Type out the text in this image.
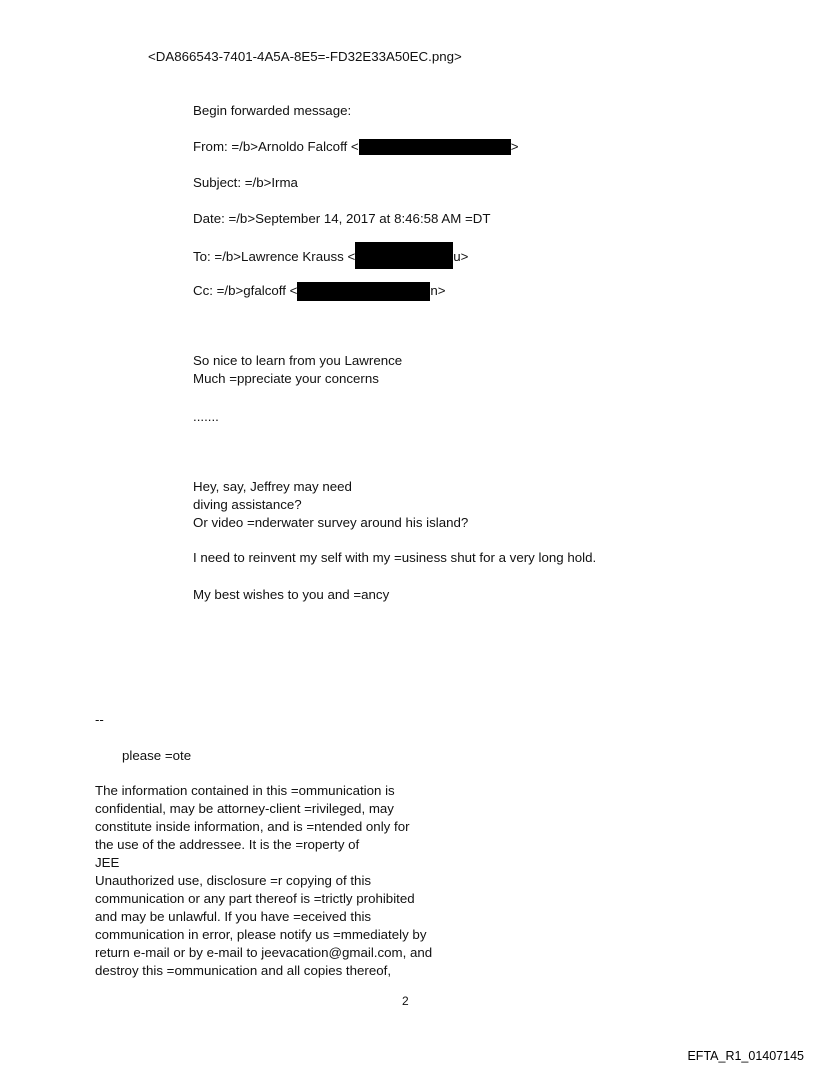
<DA866543-7401-4A5A-8E5=-FD32E33A50EC.png>
Begin forwarded message:
From: =/b>Arnoldo Falcoff <	>
Subject: =/b>Irma
Date: =/b>September 14, 2017 at 8:46:58 AM =DT
To: =/b>Lawrence Krauss <	u>
Cc: =/b>gfalcoff <	n>
So nice to learn from you Lawrence
Much =ppreciate your concerns
.......
Hey, say, Jeffrey may need
diving assistance?
Or video =nderwater survey around his island?
I need to reinvent my self with my =usiness shut for a very long hold.
My best wishes to you and =ancy
--
please =ote
The information contained in this =ommunication is
confidential, may be attorney-client =rivileged, may
constitute inside information, and is =ntended only for
the use of the addressee. It is the =roperty of
JEE
Unauthorized use, disclosure =r copying of this
communication or any part thereof is =trictly prohibited
and may be unlawful. If you have =eceived this
communication in error, please notify us =mmediately by
return e-mail or by e-mail to jeevacation@gmail.com, and
destroy this =ommunication and all copies thereof,
2
EFTA_R1_01407145
